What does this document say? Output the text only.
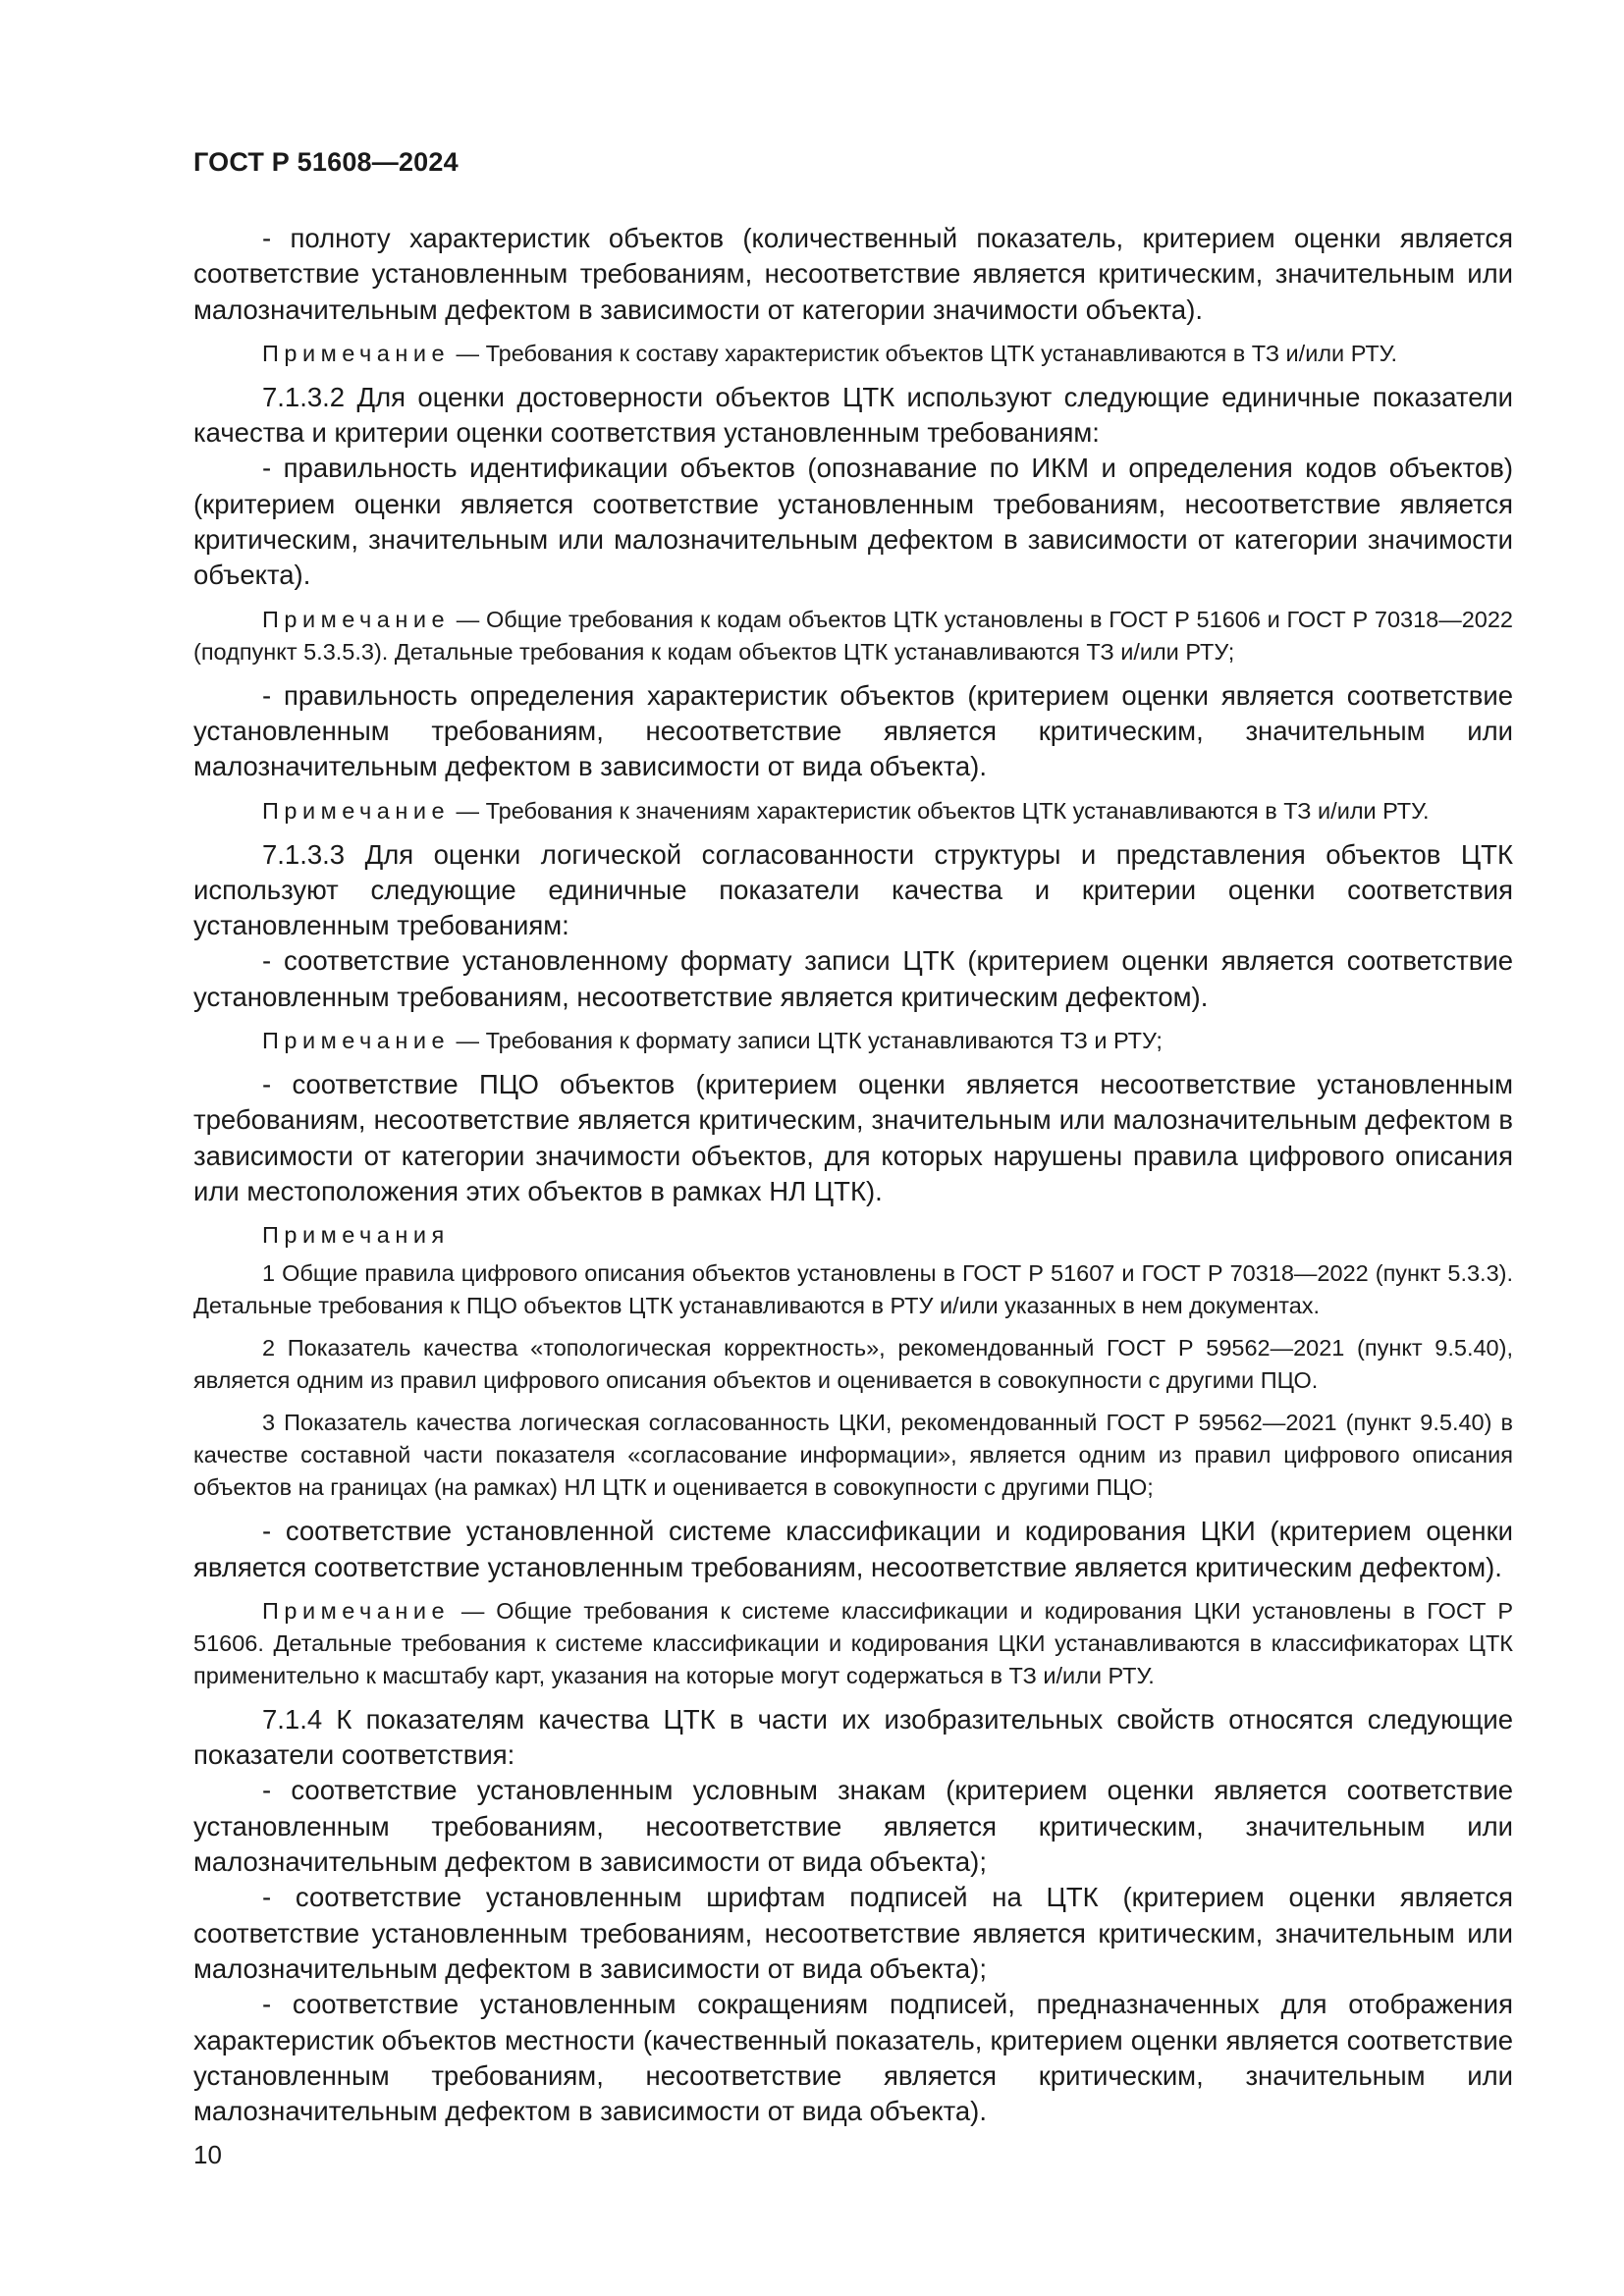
ГОСТ Р 51608—2024

- полноту характеристик объектов (количественный показатель, критерием оценки является соответствие установленным требованиям, несоответствие является критическим, значительным или малозначительным дефектом в зависимости от категории значимости объекта).

Примечание — Требования к составу характеристик объектов ЦТК устанавливаются в ТЗ и/или РТУ.

7.1.3.2 Для оценки достоверности объектов ЦТК используют следующие единичные показатели качества и критерии оценки соответствия установленным требованиям:

- правильность идентификации объектов (опознавание по ИКМ и определения кодов объектов) (критерием оценки является соответствие установленным требованиям, несоответствие является критическим, значительным или малозначительным дефектом в зависимости от категории значимости объекта).

Примечание — Общие требования к кодам объектов ЦТК установлены в ГОСТ Р 51606 и ГОСТ Р 70318—2022 (подпункт 5.3.5.3). Детальные требования к кодам объектов ЦТК устанавливаются ТЗ и/или РТУ;

- правильность определения характеристик объектов (критерием оценки является соответствие установленным требованиям, несоответствие является критическим, значительным или малозначительным дефектом в зависимости от вида объекта).

Примечание — Требования к значениям характеристик объектов ЦТК устанавливаются в ТЗ и/или РТУ.

7.1.3.3 Для оценки логической согласованности структуры и представления объектов ЦТК используют следующие единичные показатели качества и критерии оценки соответствия установленным требованиям:

- соответствие установленному формату записи ЦТК (критерием оценки является соответствие установленным требованиям, несоответствие является критическим дефектом).

Примечание — Требования к формату записи ЦТК устанавливаются ТЗ и РТУ;

- соответствие ПЦО объектов (критерием оценки является несоответствие установленным требованиям, несоответствие является критическим, значительным или малозначительным дефектом в зависимости от категории значимости объектов, для которых нарушены правила цифрового описания или местоположения этих объектов в рамках НЛ ЦТК).

Примечания

1 Общие правила цифрового описания объектов установлены в ГОСТ Р 51607 и ГОСТ Р 70318—2022 (пункт 5.3.3). Детальные требования к ПЦО объектов ЦТК устанавливаются в РТУ и/или указанных в нем документах.

2 Показатель качества «топологическая корректность», рекомендованный ГОСТ Р 59562—2021 (пункт 9.5.40), является одним из правил цифрового описания объектов и оценивается в совокупности с другими ПЦО.

3 Показатель качества логическая согласованность ЦКИ, рекомендованный ГОСТ Р 59562—2021 (пункт 9.5.40) в качестве составной части показателя «согласование информации», является одним из правил цифрового описания объектов на границах (на рамках) НЛ ЦТК и оценивается в совокупности с другими ПЦО;

- соответствие установленной системе классификации и кодирования ЦКИ (критерием оценки является соответствие установленным требованиям, несоответствие является критическим дефектом).

Примечание — Общие требования к системе классификации и кодирования ЦКИ установлены в ГОСТ Р 51606. Детальные требования к системе классификации и кодирования ЦКИ устанавливаются в классификаторах ЦТК применительно к масштабу карт, указания на которые могут содержаться в ТЗ и/или РТУ.

7.1.4 К показателям качества ЦТК в части их изобразительных свойств относятся следующие показатели соответствия:

- соответствие установленным условным знакам (критерием оценки является соответствие установленным требованиям, несоответствие является критическим, значительным или малозначительным дефектом в зависимости от вида объекта);

- соответствие установленным шрифтам подписей на ЦТК (критерием оценки является соответствие установленным требованиям, несоответствие является критическим, значительным или малозначительным дефектом в зависимости от вида объекта);

- соответствие установленным сокращениям подписей, предназначенных для отображения характеристик объектов местности (качественный показатель, критерием оценки является соответствие установленным требованиям, несоответствие является критическим, значительным или малозначительным дефектом в зависимости от вида объекта).

10
